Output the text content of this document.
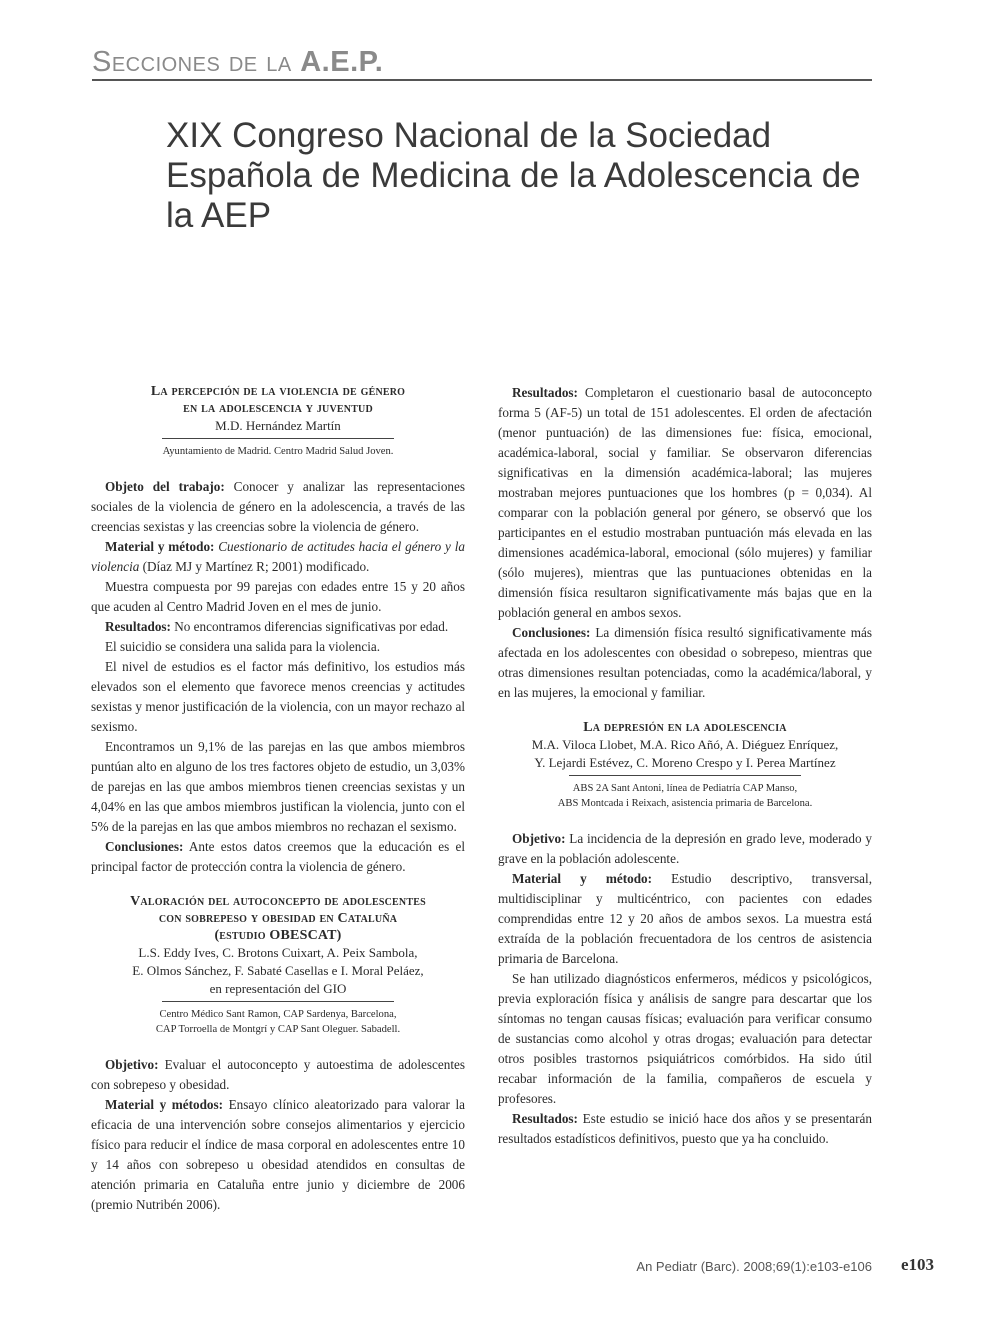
Secciones de la A.E.P.
XIX Congreso Nacional de la Sociedad Española de Medicina de la Adolescencia de la AEP
La percepción de la violencia de género
en la adolescencia y juventud
M.D. Hernández Martín
Ayuntamiento de Madrid. Centro Madrid Salud Joven.

Objeto del trabajo: Conocer y analizar las representaciones sociales de la violencia de género en la adolescencia, a través de las creencias sexistas y las creencias sobre la violencia de género.

Material y método: Cuestionario de actitudes hacia el género y la violencia (Díaz MJ y Martínez R; 2001) modificado.

Muestra compuesta por 99 parejas con edades entre 15 y 20 años que acuden al Centro Madrid Joven en el mes de junio.

Resultados: No encontramos diferencias significativas por edad.

El suicidio se considera una salida para la violencia.

El nivel de estudios es el factor más definitivo, los estudios más elevados son el elemento que favorece menos creencias y actitudes sexistas y menor justificación de la violencia, con un mayor rechazo al sexismo.

Encontramos un 9,1% de las parejas en las que ambos miembros puntúan alto en alguno de los tres factores objeto de estudio, un 3,03% de parejas en las que ambos miembros tienen creencias sexistas y un 4,04% en las que ambos miembros justifican la violencia, junto con el 5% de la parejas en las que ambos miembros no rechazan el sexismo.

Conclusiones: Ante estos datos creemos que la educación es el principal factor de protección contra la violencia de género.

Valoración del autoconcepto de adolescentes
con sobrepeso y obesidad en Cataluña
(estudio OBESCAT)
L.S. Eddy Ives, C. Brotons Cuixart, A. Peix Sambola,
E. Olmos Sánchez, F. Sabaté Casellas e I. Moral Peláez,
en representación del GIO
Centro Médico Sant Ramon, CAP Sardenya, Barcelona,
CAP Torroella de Montgrí y CAP Sant Oleguer. Sabadell.

Objetivo: Evaluar el autoconcepto y autoestima de adolescentes con sobrepeso y obesidad.

Material y métodos: Ensayo clínico aleatorizado para valorar la eficacia de una intervención sobre consejos alimentarios y ejercicio físico para reducir el índice de masa corporal en adolescentes entre 10 y 14 años con sobrepeso u obesidad atendidos en consultas de atención primaria en Cataluña entre junio y diciembre de 2006 (premio Nutribén 2006).

Resultados: Completaron el cuestionario basal de autoconcepto forma 5 (AF-5) un total de 151 adolescentes. El orden de afectación (menor puntuación) de las dimensiones fue: física, emocional, académica-laboral, social y familiar. Se observaron diferencias significativas en la dimensión académica-laboral; las mujeres mostraban mejores puntuaciones que los hombres (p = 0,034). Al comparar con la población general por género, se observó que los participantes en el estudio mostraban puntuación más elevada en las dimensiones académica-laboral, emocional (sólo mujeres) y familiar (sólo mujeres), mientras que las puntuaciones obtenidas en la dimensión física resultaron significativamente más bajas que en la población general en ambos sexos.

Conclusiones: La dimensión física resultó significativamente más afectada en los adolescentes con obesidad o sobrepeso, mientras que otras dimensiones resultan potenciadas, como la académica/laboral, y en las mujeres, la emocional y familiar.

La depresión en la adolescencia
M.A. Viloca Llobet, M.A. Rico Añó, A. Diéguez Enríquez,
Y. Lejardi Estévez, C. Moreno Crespo y I. Perea Martínez
ABS 2A Sant Antoni, línea de Pediatría CAP Manso,
ABS Montcada i Reixach, asistencia primaria de Barcelona.

Objetivo: La incidencia de la depresión en grado leve, moderado y grave en la población adolescente.

Material y método: Estudio descriptivo, transversal, multidisciplinar y multicéntrico, con pacientes con edades comprendidas entre 12 y 20 años de ambos sexos. La muestra está extraída de la población frecuentadora de los centros de asistencia primaria de Barcelona.

Se han utilizado diagnósticos enfermeros, médicos y psicológicos, previa exploración física y análisis de sangre para descartar que los síntomas no tengan causas físicas; evaluación para verificar consumo de sustancias como alcohol y otras drogas; evaluación para detectar otros posibles trastornos psiquiátricos comórbidos. Ha sido útil recabar información de la familia, compañeros de escuela y profesores.

Resultados: Este estudio se inició hace dos años y se presentarán resultados estadísticos definitivos, puesto que ya ha concluido.

An Pediatr (Barc). 2008;69(1):e103-e106	e103
